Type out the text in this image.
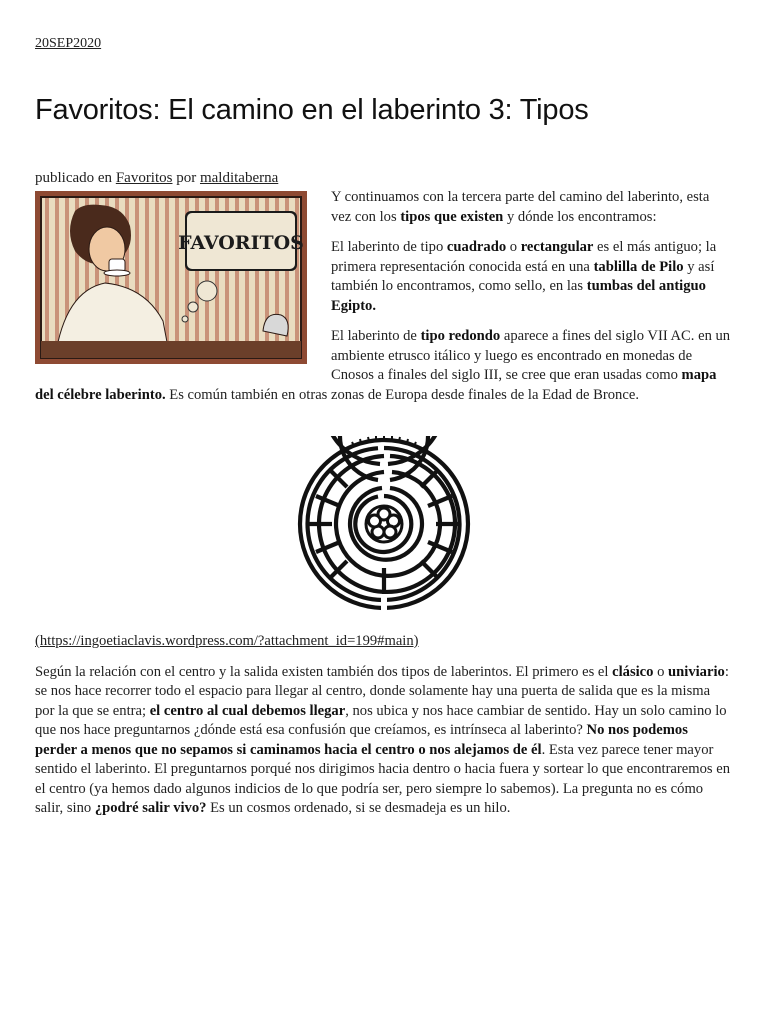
20SEP2020
Favoritos: El camino en el laberinto 3: Tipos
publicado en Favoritos por malditaberna
FAVORITOS

Y continuamos con la tercera parte del camino del laberinto, esta vez con los tipos que existen y dónde los encontramos:

El laberinto de tipo cuadrado o rectangular es el más antiguo; la primera representación conocida está en una tablilla de Pilo y así también lo encontramos, como sello, en las tumbas del antiguo Egipto.

El laberinto de tipo redondo aparece a fines del siglo VII AC. en un ambiente etrusco itálico y luego es encontrado en monedas de Cnosos a finales del siglo III, se cree que eran usadas como mapa del célebre laberinto. Es común también en otras zonas de Europa desde finales de la Edad de Bronce.

(https://ingoetiaclavis.wordpress.com/?attachment_id=199#main)

Según la relación con el centro y la salida existen también dos tipos de laberintos. El primero es el clásico o univiario: se nos hace recorrer todo el espacio para llegar al centro, donde solamente hay una puerta de salida que es la misma por la que se entra; el centro al cual debemos llegar, nos ubica y nos hace cambiar de sentido. Hay un solo camino lo que nos hace preguntarnos ¿dónde está esa confusión que creíamos, es intrínseca al laberinto? No nos podemos perder a menos que no sepamos si caminamos hacia el centro o nos alejamos de él. Esta vez parece tener mayor sentido el laberinto. El preguntarnos porqué nos dirigimos hacia dentro o hacia fuera y sortear lo que encontraremos en el centro (ya hemos dado algunos indicios de lo que podría ser, pero siempre lo sabemos). La pregunta no es cómo salir, sino ¿podré salir vivo? Es un cosmos ordenado, si se desmadeja es un hilo.
